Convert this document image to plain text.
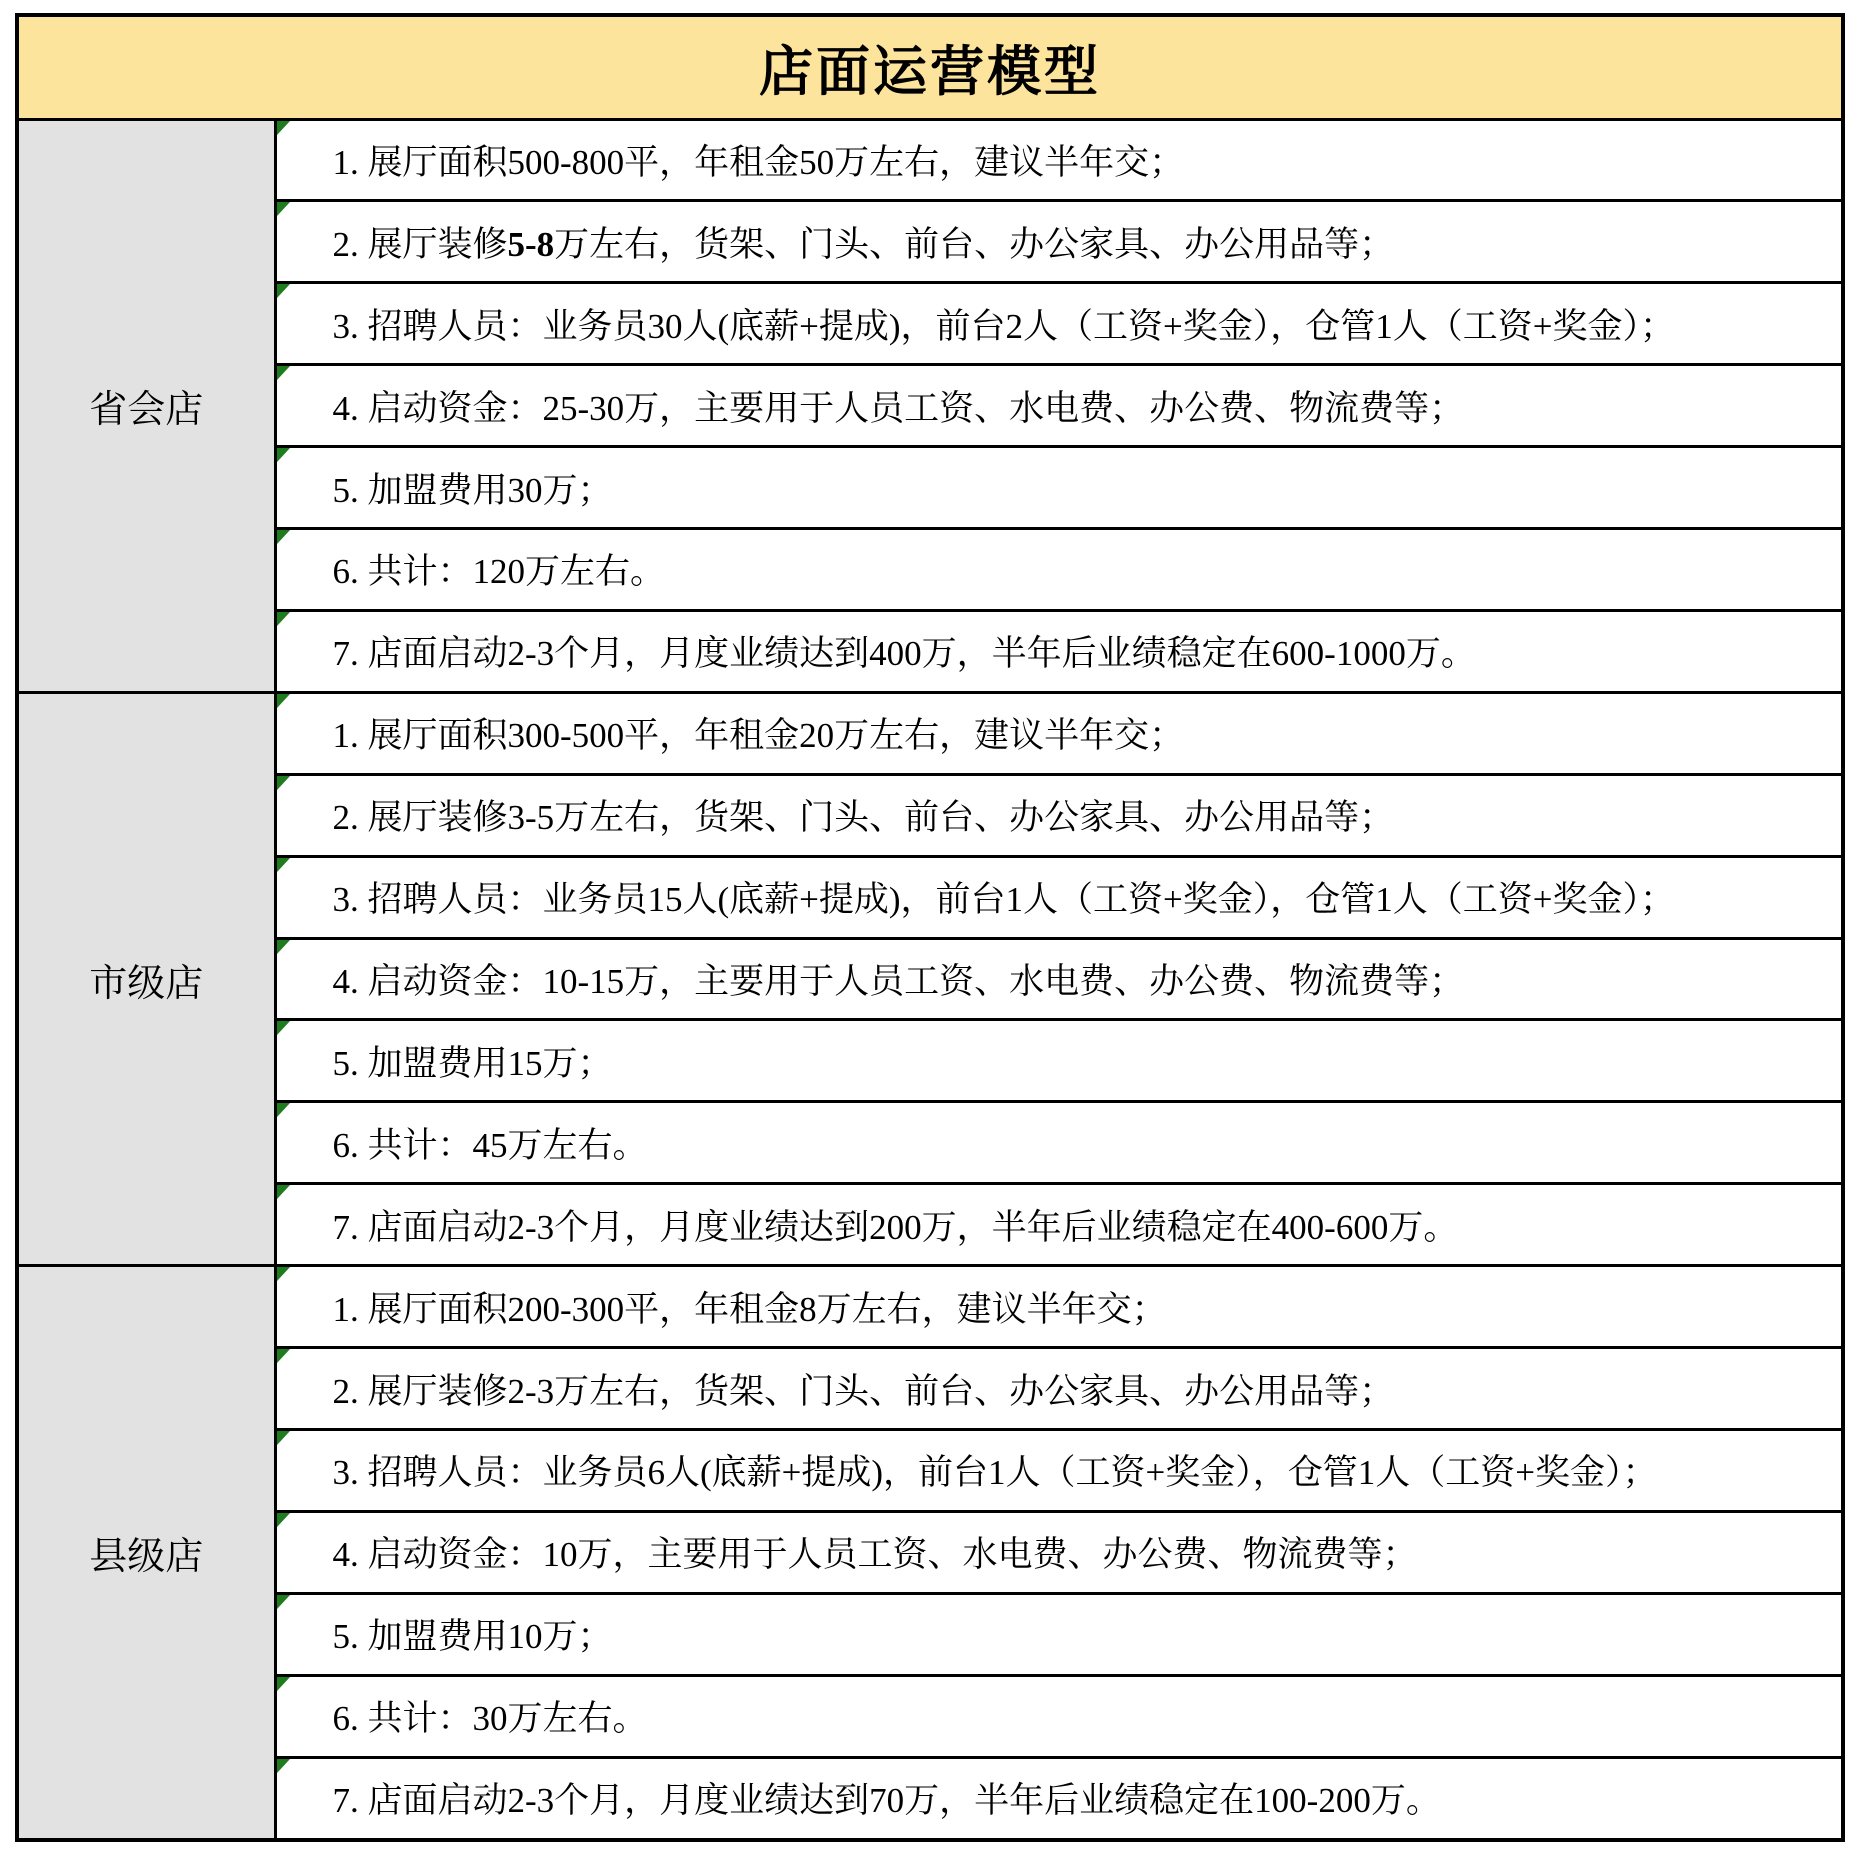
店面运营模型	
省会店	1. 展厅面积500-800平，年租金50万左右，建议半年交；

2. 展厅装修5-8万左右，货架、门头、前台、办公家具、办公用品等；

3. 招聘人员：业务员30人(底薪+提成)，前台2人（工资+奖金），仓管1人（工资+奖金）；

4. 启动资金：25-30万，主要用于人员工资、水电费、办公费、物流费等；

5. 加盟费用30万；

6. 共计：120万左右。

7. 店面启动2-3个月，月度业绩达到400万，半年后业绩稳定在600-1000万。
市级店	1. 展厅面积300-500平，年租金20万左右，建议半年交；

2. 展厅装修3-5万左右，货架、门头、前台、办公家具、办公用品等；

3. 招聘人员：业务员15人(底薪+提成)，前台1人（工资+奖金），仓管1人（工资+奖金）；

4. 启动资金：10-15万，主要用于人员工资、水电费、办公费、物流费等；

5. 加盟费用15万；

6. 共计：45万左右。

7. 店面启动2-3个月，月度业绩达到200万，半年后业绩稳定在400-600万。
县级店	1. 展厅面积200-300平，年租金8万左右，建议半年交；

2. 展厅装修2-3万左右，货架、门头、前台、办公家具、办公用品等；

3. 招聘人员：业务员6人(底薪+提成)，前台1人（工资+奖金），仓管1人（工资+奖金）；

4. 启动资金：10万，主要用于人员工资、水电费、办公费、物流费等；

5. 加盟费用10万；

6. 共计：30万左右。

7. 店面启动2-3个月，月度业绩达到70万，半年后业绩稳定在100-200万。
